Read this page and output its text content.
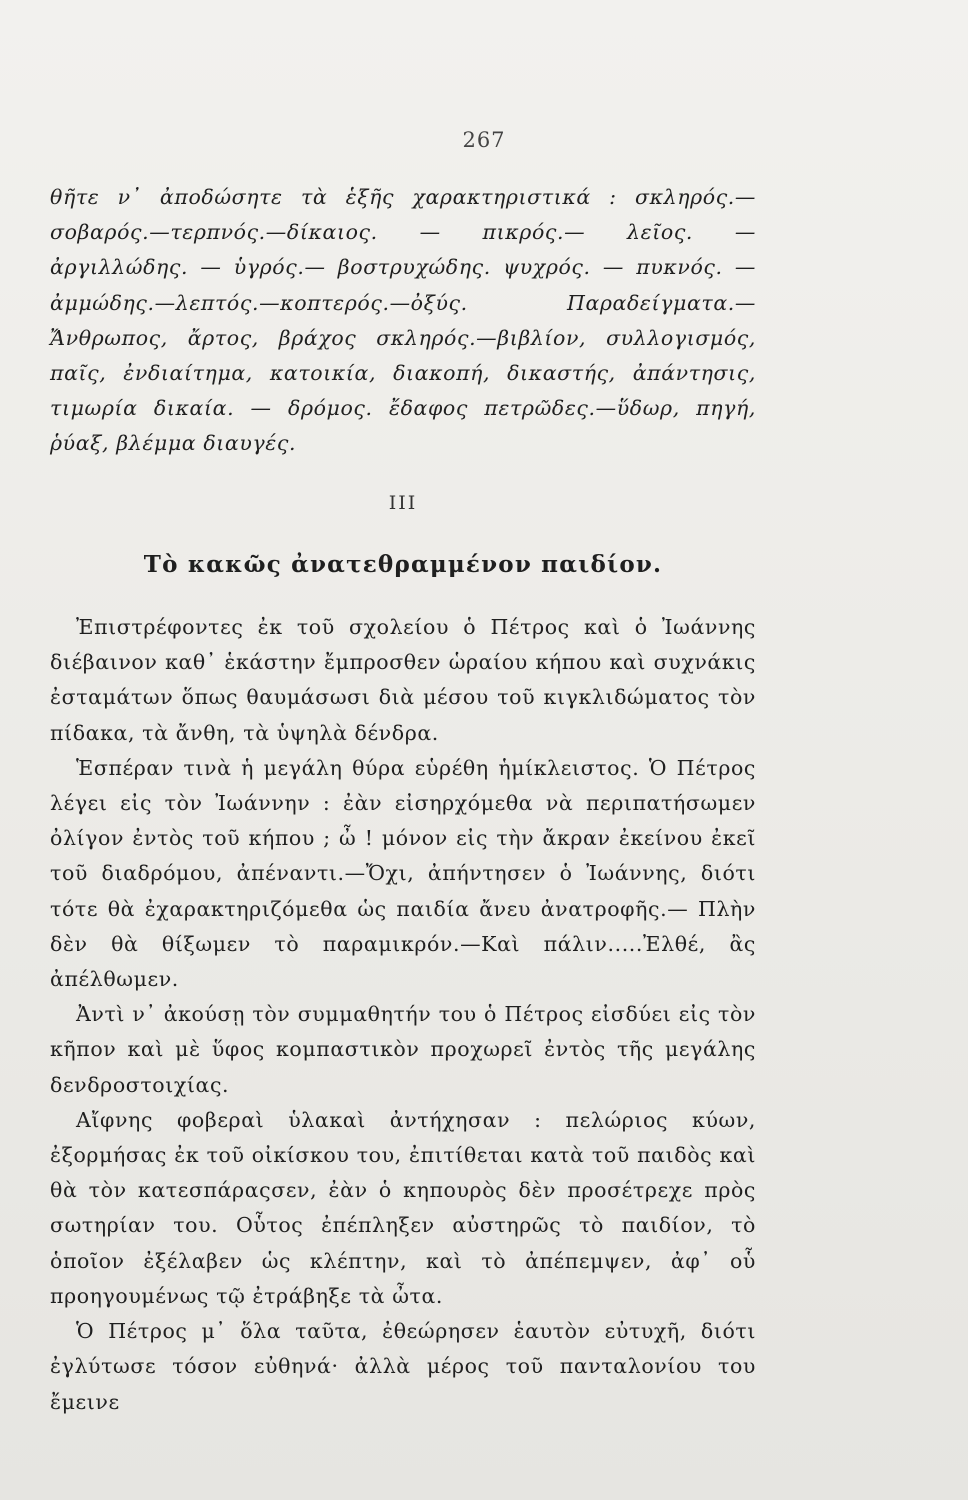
267

θῆτε ν᾽ ἀποδώσητε τὰ ἑξῆς χαρακτηριστικά : σκληρός.—σοβαρός.—τερπνός.—δίκαιος. — πικρός.— λεῖος. — ἀργιλλώδης. — ὑγρός.— βοστρυχώδης. ψυχρός. — πυκνός. — ἀμμώδης.—λεπτός.—κοπτερός.—ὀξύς. Παραδείγματα.—Ἄνθρωπος, ἄρτος, βράχος σκληρός.—βιβλίον, συλλογισμός, παῖς, ἐνδιαίτημα, κατοικία, διακοπή, δικαστής, ἀπάντησις, τιμωρία δικαία. — δρόμος. ἔδαφος πετρῶδες.—ὕδωρ, πηγή, ῥύαξ, βλέμμα διαυγές.

III
Τὸ κακῶς ἀνατεθραμμένον παιδίον.

Ἐπιστρέφοντες ἐκ τοῦ σχολείου ὁ Πέτρος καὶ ὁ Ἰωάννης διέβαινον καθ᾽ ἑκάστην ἔμπροσθεν ὡραίου κήπου καὶ συχνάκις ἐσταμάτων ὅπως θαυμάσωσι διὰ μέσου τοῦ κιγκλιδώματος τὸν πίδακα, τὰ ἄνθη, τὰ ὑψηλὰ δένδρα.

Ἑσπέραν τινὰ ἡ μεγάλη θύρα εὑρέθη ἡμίκλειστος. Ὁ Πέτρος λέγει εἰς τὸν Ἰωάννην : ἐὰν εἰσηρχόμεθα νὰ περιπατήσωμεν ὀλίγον ἐντὸς τοῦ κήπου ; ὦ ! μόνον εἰς τὴν ἄκραν ἐκείνου ἐκεῖ τοῦ διαδρόμου, ἀπέναντι.—Ὄχι, ἀπήντησεν ὁ Ἰωάννης, διότι τότε θὰ ἐχαρακτηριζόμεθα ὡς παιδία ἄνευ ἀνατροφῆς.— Πλὴν δὲν θὰ θίξωμεν τὸ παραμικρόν.—Καὶ πάλιν.....Ἐλθέ, ἂς ἀπέλθωμεν.

Ἀντὶ ν᾽ ἀκούσῃ τὸν συμμαθητήν του ὁ Πέτρος εἰσδύει εἰς τὸν κῆπον καὶ μὲ ὕφος κομπαστικὸν προχωρεῖ ἐντὸς τῆς μεγάλης δενδροστοιχίας.

Αἴφνης φοβεραὶ ὑλακαὶ ἀντήχησαν : πελώριος κύων, ἐξορμήσας ἐκ τοῦ οἰκίσκου του, ἐπιτίθεται κατὰ τοῦ παιδὸς καὶ θὰ τὸν κατεσπάραςσεν, ἐὰν ὁ κηπουρὸς δὲν προσέτρεχε πρὸς σωτηρίαν του. Οὗτος ἐπέπληξεν αὐστηρῶς τὸ παιδίον, τὸ ὁποῖον ἐξέλαβεν ὡς κλέπτην, καὶ τὸ ἀπέπεμψεν, ἀφ᾽ οὗ προηγουμένως τῷ ἐτράβηξε τὰ ὦτα.

Ὁ Πέτρος μ᾽ ὅλα ταῦτα, ἐθεώρησεν ἑαυτὸν εὐτυχῆ, διότι ἐγλύτωσε τόσον εὐθηνά· ἀλλὰ μέρος τοῦ πανταλονίου του ἔμεινε
